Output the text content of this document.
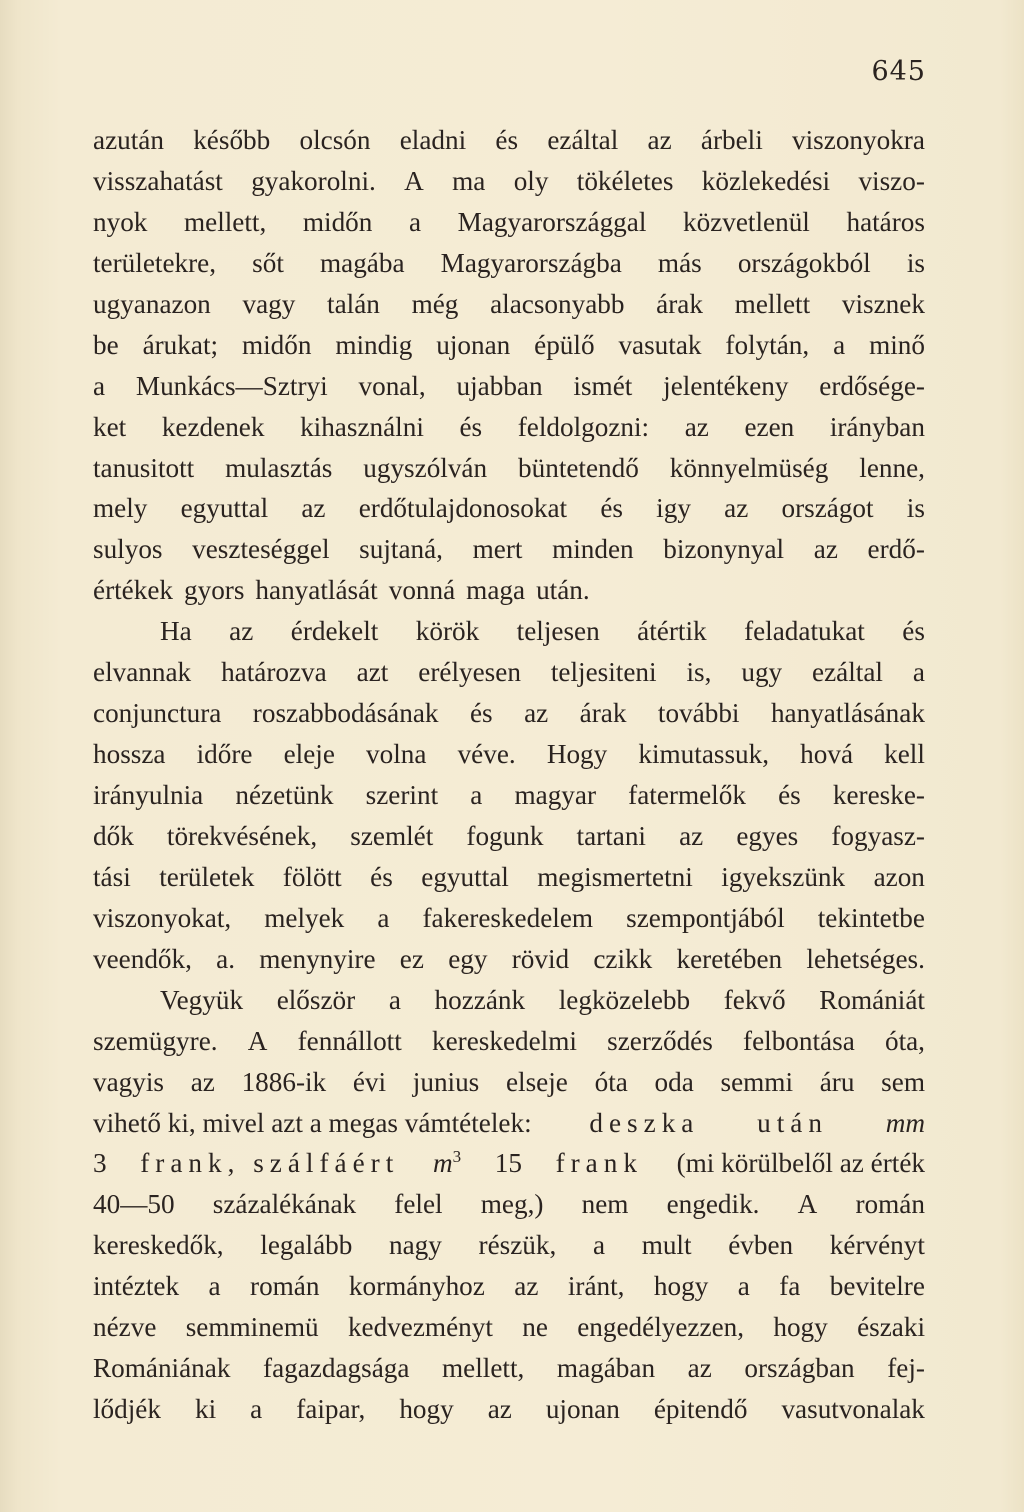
645
azután később olcsón eladni és ezáltal az árbeli viszonyokra
visszahatást gyakorolni. A ma oly tökéletes közlekedési viszo-
nyok mellett, midőn a Magyarországgal közvetlenül határos
területekre, sőt magába Magyarországba más országokból is
ugyanazon vagy talán még alacsonyabb árak mellett visznek
be árukat; midőn mindig ujonan épülő vasutak folytán, a minő
a Munkács—Sztryi vonal, ujabban ismét jelentékeny erdősége-
ket kezdenek kihasználni és feldolgozni: az ezen irányban
tanusitott mulasztás ugyszólván büntetendő könnyelmüség lenne,
mely egyuttal az erdőtulajdonosokat és igy az országot is
sulyos veszteséggel sujtaná, mert minden bizonynyal az erdő-
értékek gyors hanyatlását vonná maga után.
Ha az érdekelt körök teljesen átértik feladatukat és
elvannak határozva azt erélyesen teljesiteni is, ugy ezáltal a
conjunctura roszabbodásának és az árak további hanyatlásának
hossza időre eleje volna véve. Hogy kimutassuk, hová kell
irányulnia nézetünk szerint a magyar fatermelők és kereske-
dők törekvésének, szemlét fogunk tartani az egyes fogyasz-
tási területek fölött és egyuttal megismertetni igyekszünk azon
viszonyokat, melyek a fakereskedelem szempontjából tekintetbe
veendők, a. menynyire ez egy rövid czikk keretében lehetséges.
Vegyük először a hozzánk legközelebb fekvő Romániát
szemügyre. A fennállott kereskedelmi szerződés felbontása óta,
vagyis az 1886-ik évi junius elseje óta oda semmi áru sem
vihető ki, mivel azt a megas vámtételek: deszka után mm
3 frank, szálfáért $m^3$ 15 frank (mi körülbelől az érték
40—50 százalékának felel meg,) nem engedik. A román
kereskedők, legalább nagy részük, a mult évben kérvényt
intéztek a román kormányhoz az iránt, hogy a fa bevitelre
nézve semminemü kedvezményt ne engedélyezzen, hogy északi
Romániának fagazdagsága mellett, magában az országban fej-
lődjék ki a faipar, hogy az ujonan épitendő vasutvonalak
